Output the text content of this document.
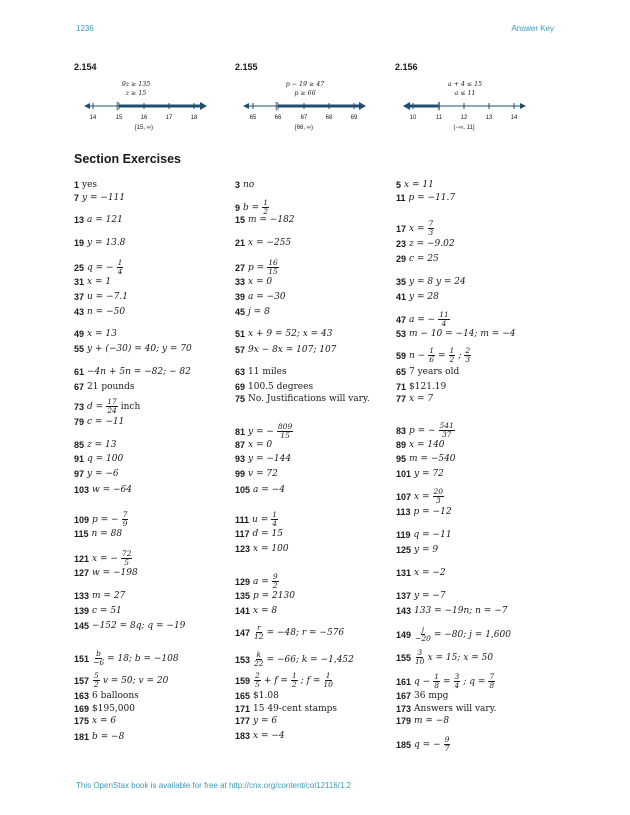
1236	Answer Key
2.154
9z ≥ 135
z ≥ 15
[
14	15	16	17	18
[15, ∞)
2.155
p − 19 ≥ 47
p ≥ 66
[
65	66	67	68	69
[66, ∞)
2.156
a + 4 ≤ 15
a ≤ 11
]
10	11	12	13	14
(−∞, 11]
Section Exercises
1 yes	3 no	5 x = 11
7 y = −111
9 $b = \frac{1}{2}$
11 p = −11.7
13 a = 121	15 m = −182
17 $x = \frac{7}{3}$
19 y = 13.8	21 x = −255	23 z = −9.02
25 q = − $\frac{1}{4}$	27 $p = \frac{16}{15}$	29 c = 25
31 x = 1	33 x = 0	35 y = 8 y = 24
37 u = −7.1	39 a = −30	41 y = 28
43 n = −50	45 j = 8
47 a = − $\frac{11}{4}$
49 x = 13	51 x + 9 = 52; x = 43	53 m − 10 = −14; m = −4
55 y + (−30) = 40; y = 70	57 9x − 8x = 107; 107
59 $n - \frac{1}{6} = \frac{1}{2}$ ; $\frac{2}{3}$
61 −4n + 5n = −82; − 82	63 11 miles	65 7 years old
67 21 pounds	69 100.5 degrees	71 $121.19
73 $d = \frac{17}{24}$ inch
75 No. Justifications will vary.	77 x = 7
79 c = −11
81 y = − $\frac{809}{15}$	83 p = − $\frac{541}{37}$
85 z = 13	87 x = 0	89 x = 140
91 q = 100	93 y = −144	95 m = −540
97 y = −6	99 v = 72	101 y = 72
103 w = −64	105 a = −4
107 $x = \frac{20}{3}$
109 p = − $\frac{7}{9}$	111 $u = \frac{1}{4}$	113 p = −12
115 n = 88	117 d = 15	119 q = −11
121 x = − $\frac{72}{5}$
123 x = 100	125 y = 9
127 w = −198
129 $a = \frac{9}{2}$	131 x = −2
133 m = 27	135 p = 2130	137 y = −7
139 c = 51	141 x = 8	143 133 = −19n; n = −7
145 −152 = 8q; q = −19
$147 \frac{r}{12} = -48$; r = −576	$149 \frac{j}{-20} = -80$; j = 1,600
$151 \frac{b}{-6} = 18$; b = −108	$153 \frac{k}{22} = -66$; k = −1,452	$155 \frac{3}{10}$ x = 15; x = 50
$157 \frac{5}{2}$ v = 50; v = 20	$159 \frac{2}{5} + f = \frac{1}{2}$ ; $f = \frac{1}{10}$	161 $q - \frac{1}{8} = \frac{3}{4}$ ; $q = \frac{7}{8}$
163 6 balloons	165 $1.08	167 36 mpg
169 $195,000	171 15 49-cent stamps	173 Answers will vary.
175 x = 6	177 y = 6	179 m = −8
181 b = −8	183 x = −4
185 q = − $\frac{9}{7}$
This OpenStax book is available for free at http://cnx.org/content/col12116/1.2
